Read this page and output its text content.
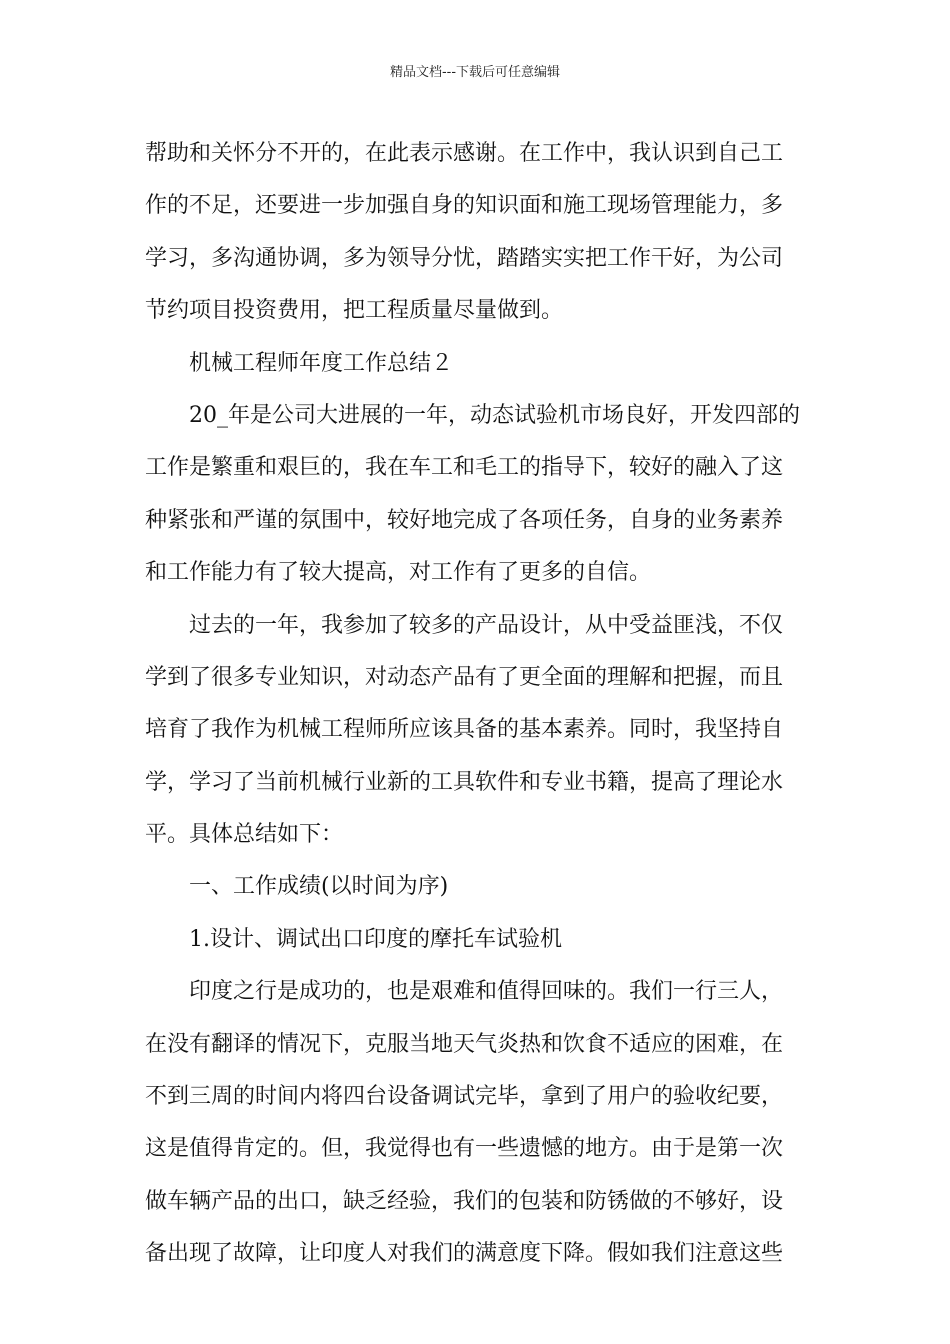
精品文档---下载后可任意编辑
帮助和关怀分不开的，在此表示感谢。在工作中，我认识到自己工
作的不足，还要进一步加强自身的知识面和施工现场管理能力，多
学习，多沟通协调，多为领导分忧，踏踏实实把工作干好，为公司
节约项目投资费用，把工程质量尽量做到。
机械工程师年度工作总结２
20_年是公司大进展的一年，动态试验机市场良好，开发四部的
工作是繁重和艰巨的，我在车工和毛工的指导下，较好的融入了这
种紧张和严谨的氛围中，较好地完成了各项任务，自身的业务素养
和工作能力有了较大提高，对工作有了更多的自信。
过去的一年，我参加了较多的产品设计，从中受益匪浅，不仅
学到了很多专业知识，对动态产品有了更全面的理解和把握，而且
培育了我作为机械工程师所应该具备的基本素养。同时，我坚持自
学，学习了当前机械行业新的工具软件和专业书籍，提高了理论水
平。具体总结如下：
一、工作成绩(以时间为序)
1.设计、调试出口印度的摩托车试验机
印度之行是成功的，也是艰难和值得回味的。我们一行三人，
在没有翻译的情况下，克服当地天气炎热和饮食不适应的困难，在
不到三周的时间内将四台设备调试完毕，拿到了用户的验收纪要，
这是值得肯定的。但，我觉得也有一些遗憾的地方。由于是第一次
做车辆产品的出口，缺乏经验，我们的包装和防锈做的不够好，设
备出现了故障，让印度人对我们的满意度下降。假如我们注意这些
